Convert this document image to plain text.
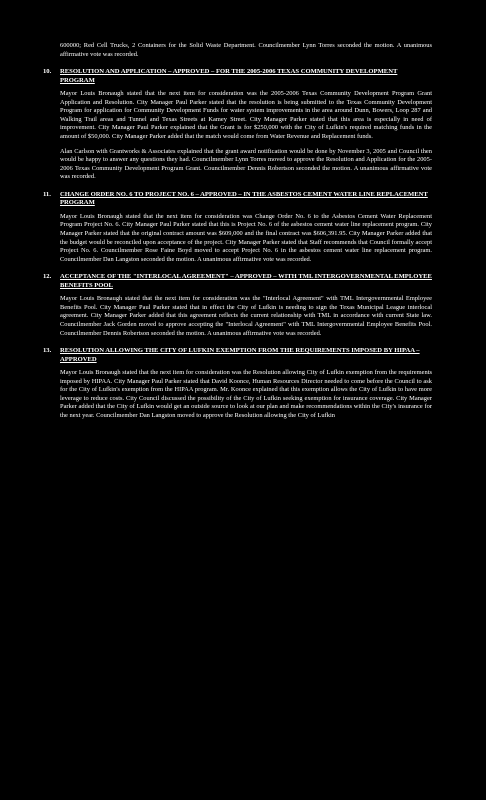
600000; Red Cell Trucks, 2 Containers for the Solid Waste Department. Councilmember Lynn Torres seconded the motion. A unanimous affirmative vote was recorded.

10. RESOLUTION AND APPLICATION – APPROVED – FOR THE 2005-2006 TEXAS COMMUNITY DEVELOPMENT PROGRAM

Mayor Louis Bronaugh stated that the next item for consideration was the 2005-2006 Texas Community Development Program Grant Application and Resolution. City Manager Paul Parker stated that the resolution is being submitted to the Texas Community Development Program for application for Community Development Funds for water system improvements in the area around Dunn, Bowers, Loop 287 and Walking Trail areas and Tunnel and Texas Streets at Kamey Street. City Manager Parker stated that this area is especially in need of improvement. City Manager Paul Parker explained that the Grant is for $250,000 with the City of Lufkin's required matching funds in the amount of $50,000. City Manager Parker added that the match would come from Water Revenue and Replacement funds.

Alan Carlson with Grantworks & Associates explained that the grant award notification would be done by November 3, 2005 and Council then would be happy to answer any questions they had. Councilmember Lynn Torres moved to approve the Resolution and Application for the 2005-2006 Texas Community Development Program Grant. Councilmember Dennis Robertson seconded the motion. A unanimous affirmative vote was recorded.

11. CHANGE ORDER NO. 6 TO PROJECT NO. 6 – APPROVED – IN THE ASBESTOS CEMENT WATER LINE REPLACEMENT PROGRAM

Mayor Louis Bronaugh stated that the next item for consideration was Change Order No. 6 to the Asbestos Cement Water Replacement Program Project No. 6. City Manager Paul Parker stated that this is Project No. 6 of the asbestos cement water line replacement program. City Manager Parker stated that the original contract amount was $609,000 and the final contract was $606,391.95. City Manager Parker added that the budget would be reconciled upon acceptance of the project. City Manager Parker stated that Staff recommends that Council formally accept Project No. 6. Councilmember Rose Faine Boyd moved to accept Project No. 6 in the asbestos cement water line replacement program. Councilmember Dan Langston seconded the motion. A unanimous affirmative vote was recorded.

12. ACCEPTANCE OF THE "INTERLOCAL AGREEMENT" – APPROVED – WITH TML INTERGOVERNMENTAL EMPLOYEE BENEFITS POOL

Mayor Louis Bronaugh stated that the next item for consideration was the "Interlocal Agreement" with TML Intergovernmental Employee Benefits Pool. City Manager Paul Parker stated that in effect the City of Lufkin is needing to sign the Texas Municipal League interlocal agreement. City Manager Parker added that this agreement reflects the current relationship with TML in accordance with current State law. Councilmember Jack Gorden moved to approve accepting the "Interlocal Agreement" with TML Intergovernmental Employee Benefits Pool. Councilmember Dennis Robertson seconded the motion. A unanimous affirmative vote was recorded.

13. RESOLUTION ALLOWING THE CITY OF LUFKIN EXEMPTION FROM THE REQUIREMENTS IMPOSED BY HIPAA – APPROVED

Mayor Louis Bronaugh stated that the next item for consideration was the Resolution allowing City of Lufkin exemption from the requirements imposed by HIPAA. City Manager Paul Parker stated that David Koonce, Human Resources Director needed to come before the Council to ask for the City of Lufkin's exemption from the HIPAA program. Mr. Koonce explained that this exemption allows the City of Lufkin to have more leverage to reduce costs. City Council discussed the possibility of the City of Lufkin seeking exemption for insurance coverage. City Manager Parker added that the City of Lufkin would get an outside source to look at our plan and make recommendations within the City's insurance for the next year. Councilmember Dan Langston moved to approve the Resolution allowing the City of Lufkin
